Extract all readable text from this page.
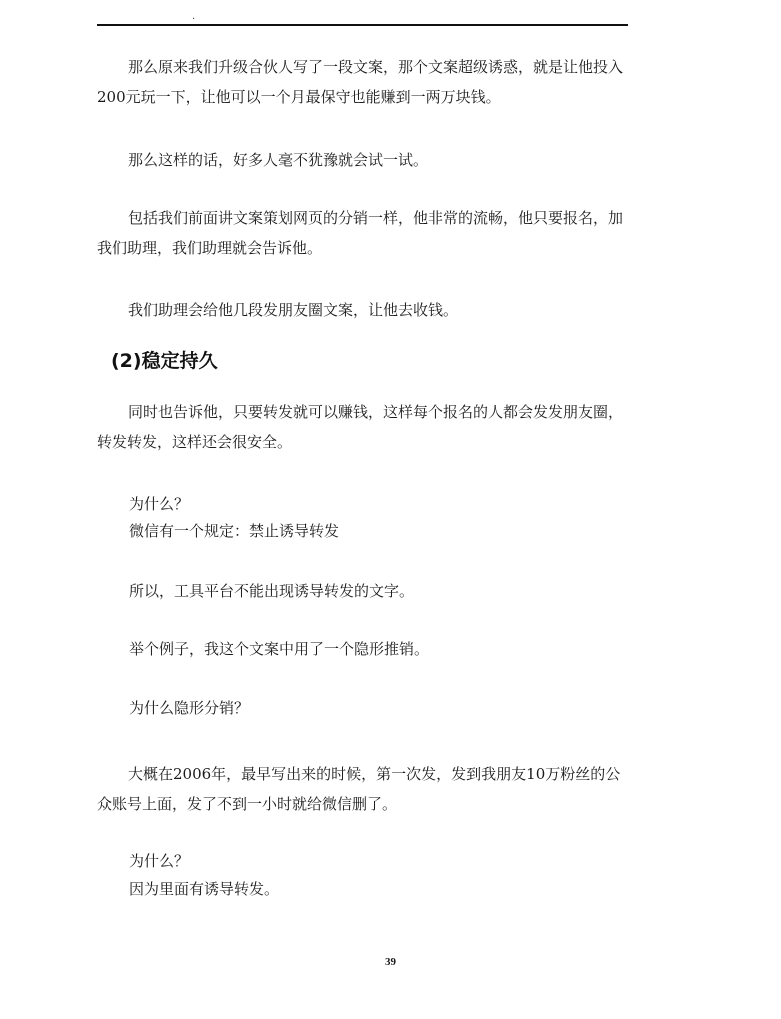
.

那么原来我们升级合伙人写了一段文案，那个文案超级诱惑，就是让他投入200元玩一下，让他可以一个月最保守也能赚到一两万块钱。

那么这样的话，好多人毫不犹豫就会试一试。

包括我们前面讲文案策划网页的分销一样，他非常的流畅，他只要报名，加我们助理，我们助理就会告诉他。

我们助理会给他几段发朋友圈文案，让他去收钱。

(2)稳定持久

同时也告诉他，只要转发就可以赚钱，这样每个报名的人都会发发朋友圈，转发转发，这样还会很安全。

为什么？

微信有一个规定：禁止诱导转发

所以，工具平台不能出现诱导转发的文字。

举个例子，我这个文案中用了一个隐形推销。

为什么隐形分销？

大概在2006年，最早写出来的时候，第一次发，发到我朋友10万粉丝的公众账号上面，发了不到一小时就给微信删了。

为什么？

因为里面有诱导转发。

39
